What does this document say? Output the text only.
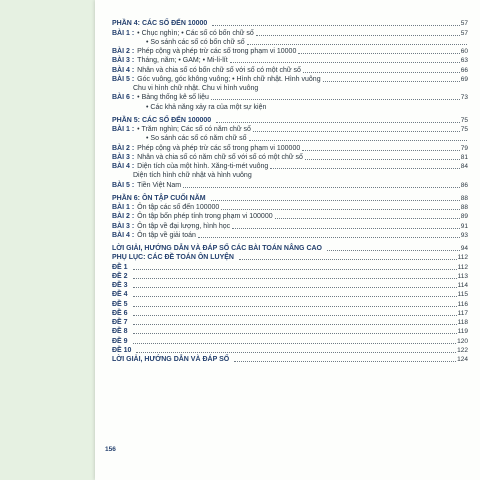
PHẦN 4: CÁC SỐ ĐẾN 10000	57
BÀI 1 : • Chục nghìn; • Các số có bốn chữ số	57
• So sánh các số có bốn chữ số
BÀI 2 : Phép cộng và phép trừ các số trong phạm vi 10000	60
BÀI 3 : Tháng, năm; • GAM; • Mi-li-lít	63
BÀI 4 : Nhân và chia số có bốn chữ số với số có một chữ số	66
BÀI 5 : Góc vuông, góc không vuông; • Hình chữ nhật. Hình vuông	69
Chu vi hình chữ nhật. Chu vi hình vuông
BÀI 6 : • Bảng thống kê số liệu	73
• Các khả năng xảy ra của một sự kiện
PHẦN 5: CÁC SỐ ĐẾN 100000	75
BÀI 1 : • Trăm nghìn; Các số có năm chữ số	75
• So sánh các số có năm chữ số
BÀI 2 : Phép cộng và phép trừ các số trong phạm vi 100000	79
BÀI 3 : Nhân và chia số có năm chữ số với số có một chữ số	81
BÀI 4 : Diện tích của một hình. Xăng-ti-mét vuông	84
Diện tích hình chữ nhật và hình vuông
BÀI 5 : Tiền Việt Nam	86
PHẦN 6: ÔN TẬP CUỐI NĂM	88
BÀI 1 : Ôn tập các số đến 100000	88
BÀI 2 : Ôn tập bốn phép tính trong phạm vi 100000	89
BÀI 3 : Ôn tập về đại lượng, hình học	91
BÀI 4 : Ôn tập về giải toán	93
LỜI GIẢI, HƯỚNG DẪN VÀ ĐÁP SỐ CÁC BÀI TOÁN NÂNG CAO	94
PHỤ LỤC: CÁC ĐỀ TOÁN ÔN LUYỆN	112
ĐỀ 1	112
ĐỀ 2	113
ĐỀ 3	114
ĐỀ 4	115
ĐỀ 5	116
ĐỀ 6	117
ĐỀ 7	118
ĐỀ 8	119
ĐỀ 9	120
ĐỀ 10	122
LỜI GIẢI, HƯỚNG DẪN VÀ ĐÁP SỐ	124
156
